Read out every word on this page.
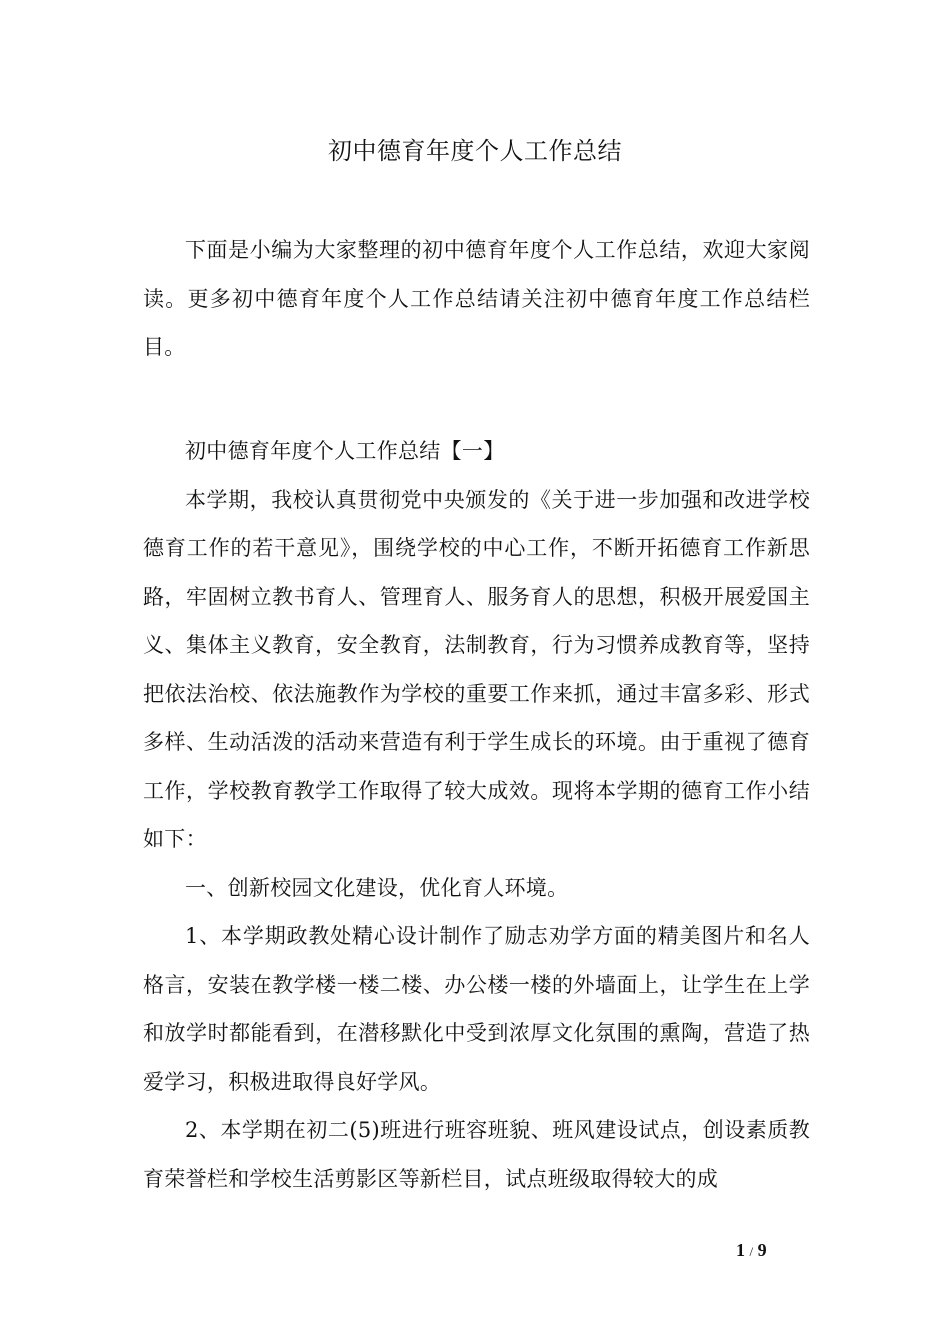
初中德育年度个人工作总结

下面是小编为大家整理的初中德育年度个人工作总结，欢迎大家阅读。更多初中德育年度个人工作总结请关注初中德育年度工作总结栏目。

初中德育年度个人工作总结【一】

本学期，我校认真贯彻党中央颁发的《关于进一步加强和改进学校德育工作的若干意见》，围绕学校的中心工作，不断开拓德育工作新思路，牢固树立教书育人、管理育人、服务育人的思想，积极开展爱国主义、集体主义教育，安全教育，法制教育，行为习惯养成教育等，坚持把依法治校、依法施教作为学校的重要工作来抓，通过丰富多彩、形式多样、生动活泼的活动来营造有利于学生成长的环境。由于重视了德育工作，学校教育教学工作取得了较大成效。现将本学期的德育工作小结如下：

一、创新校园文化建设，优化育人环境。

1、本学期政教处精心设计制作了励志劝学方面的精美图片和名人格言，安装在教学楼一楼二楼、办公楼一楼的外墙面上，让学生在上学和放学时都能看到，在潜移默化中受到浓厚文化氛围的熏陶，营造了热爱学习，积极进取得良好学风。

2、本学期在初二(5)班进行班容班貌、班风建设试点，创设素质教育荣誉栏和学校生活剪影区等新栏目，试点班级取得较大的成

1 / 9
